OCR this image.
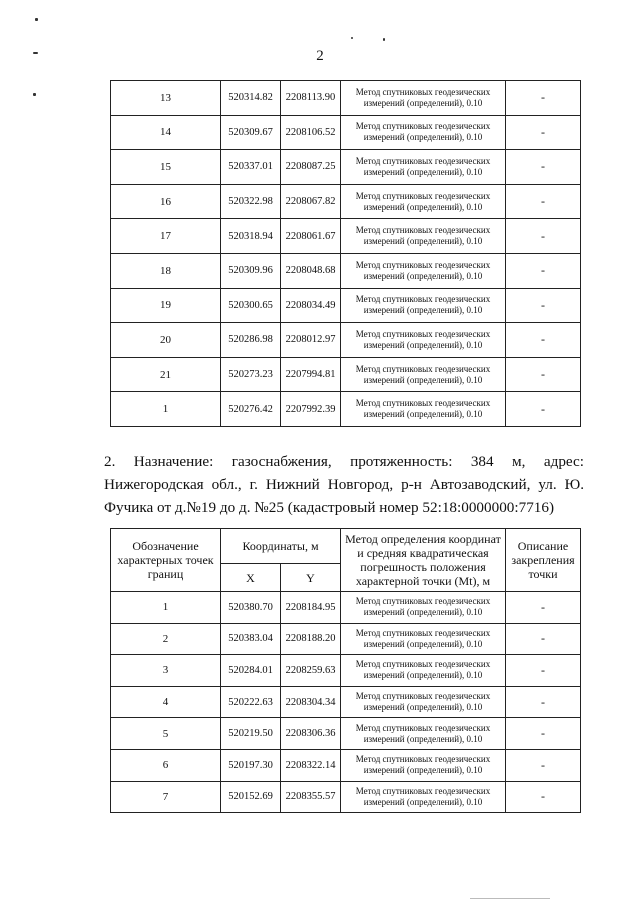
2
13	520314.82	2208113.90	Метод спутниковых геодезических
измерений (определений), 0.10	-
14	520309.67	2208106.52	Метод спутниковых геодезических
измерений (определений), 0.10	-
15	520337.01	2208087.25	Метод спутниковых геодезических
измерений (определений), 0.10	-
16	520322.98	2208067.82	Метод спутниковых геодезических
измерений (определений), 0.10	-
17	520318.94	2208061.67	Метод спутниковых геодезических
измерений (определений), 0.10	-
18	520309.96	2208048.68	Метод спутниковых геодезических
измерений (определений), 0.10	-
19	520300.65	2208034.49	Метод спутниковых геодезических
измерений (определений), 0.10	-
20	520286.98	2208012.97	Метод спутниковых геодезических
измерений (определений), 0.10	-
21	520273.23	2207994.81	Метод спутниковых геодезических
измерений (определений), 0.10	-
1	520276.42	2207992.39	Метод спутниковых геодезических
измерений (определений), 0.10	-
2. Назначение: газоснабжения, протяженность: 384 м, адрес: Нижегородская обл., г. Нижний Новгород, р-н Автозаводский, ул. Ю. Фучика от д.№19 до д. №25 (кадастровый номер 52:18:0000000:7716)
Обозначение характерных точек границ	Координаты, м		Метод определения координат и средняя квадратическая погрешность положения характерной точки (Mt), м	Описание закрепления точки
	X	Y		
1	520380.70	2208184.95	Метод спутниковых геодезических
измерений (определений), 0.10	-
2	520383.04	2208188.20	Метод спутниковых геодезических
измерений (определений), 0.10	-
3	520284.01	2208259.63	Метод спутниковых геодезических
измерений (определений), 0.10	-
4	520222.63	2208304.34	Метод спутниковых геодезических
измерений (определений), 0.10	-
5	520219.50	2208306.36	Метод спутниковых геодезических
измерений (определений), 0.10	-
6	520197.30	2208322.14	Метод спутниковых геодезических
измерений (определений), 0.10	-
7	520152.69	2208355.57	Метод спутниковых геодезических
измерений (определений), 0.10	-
